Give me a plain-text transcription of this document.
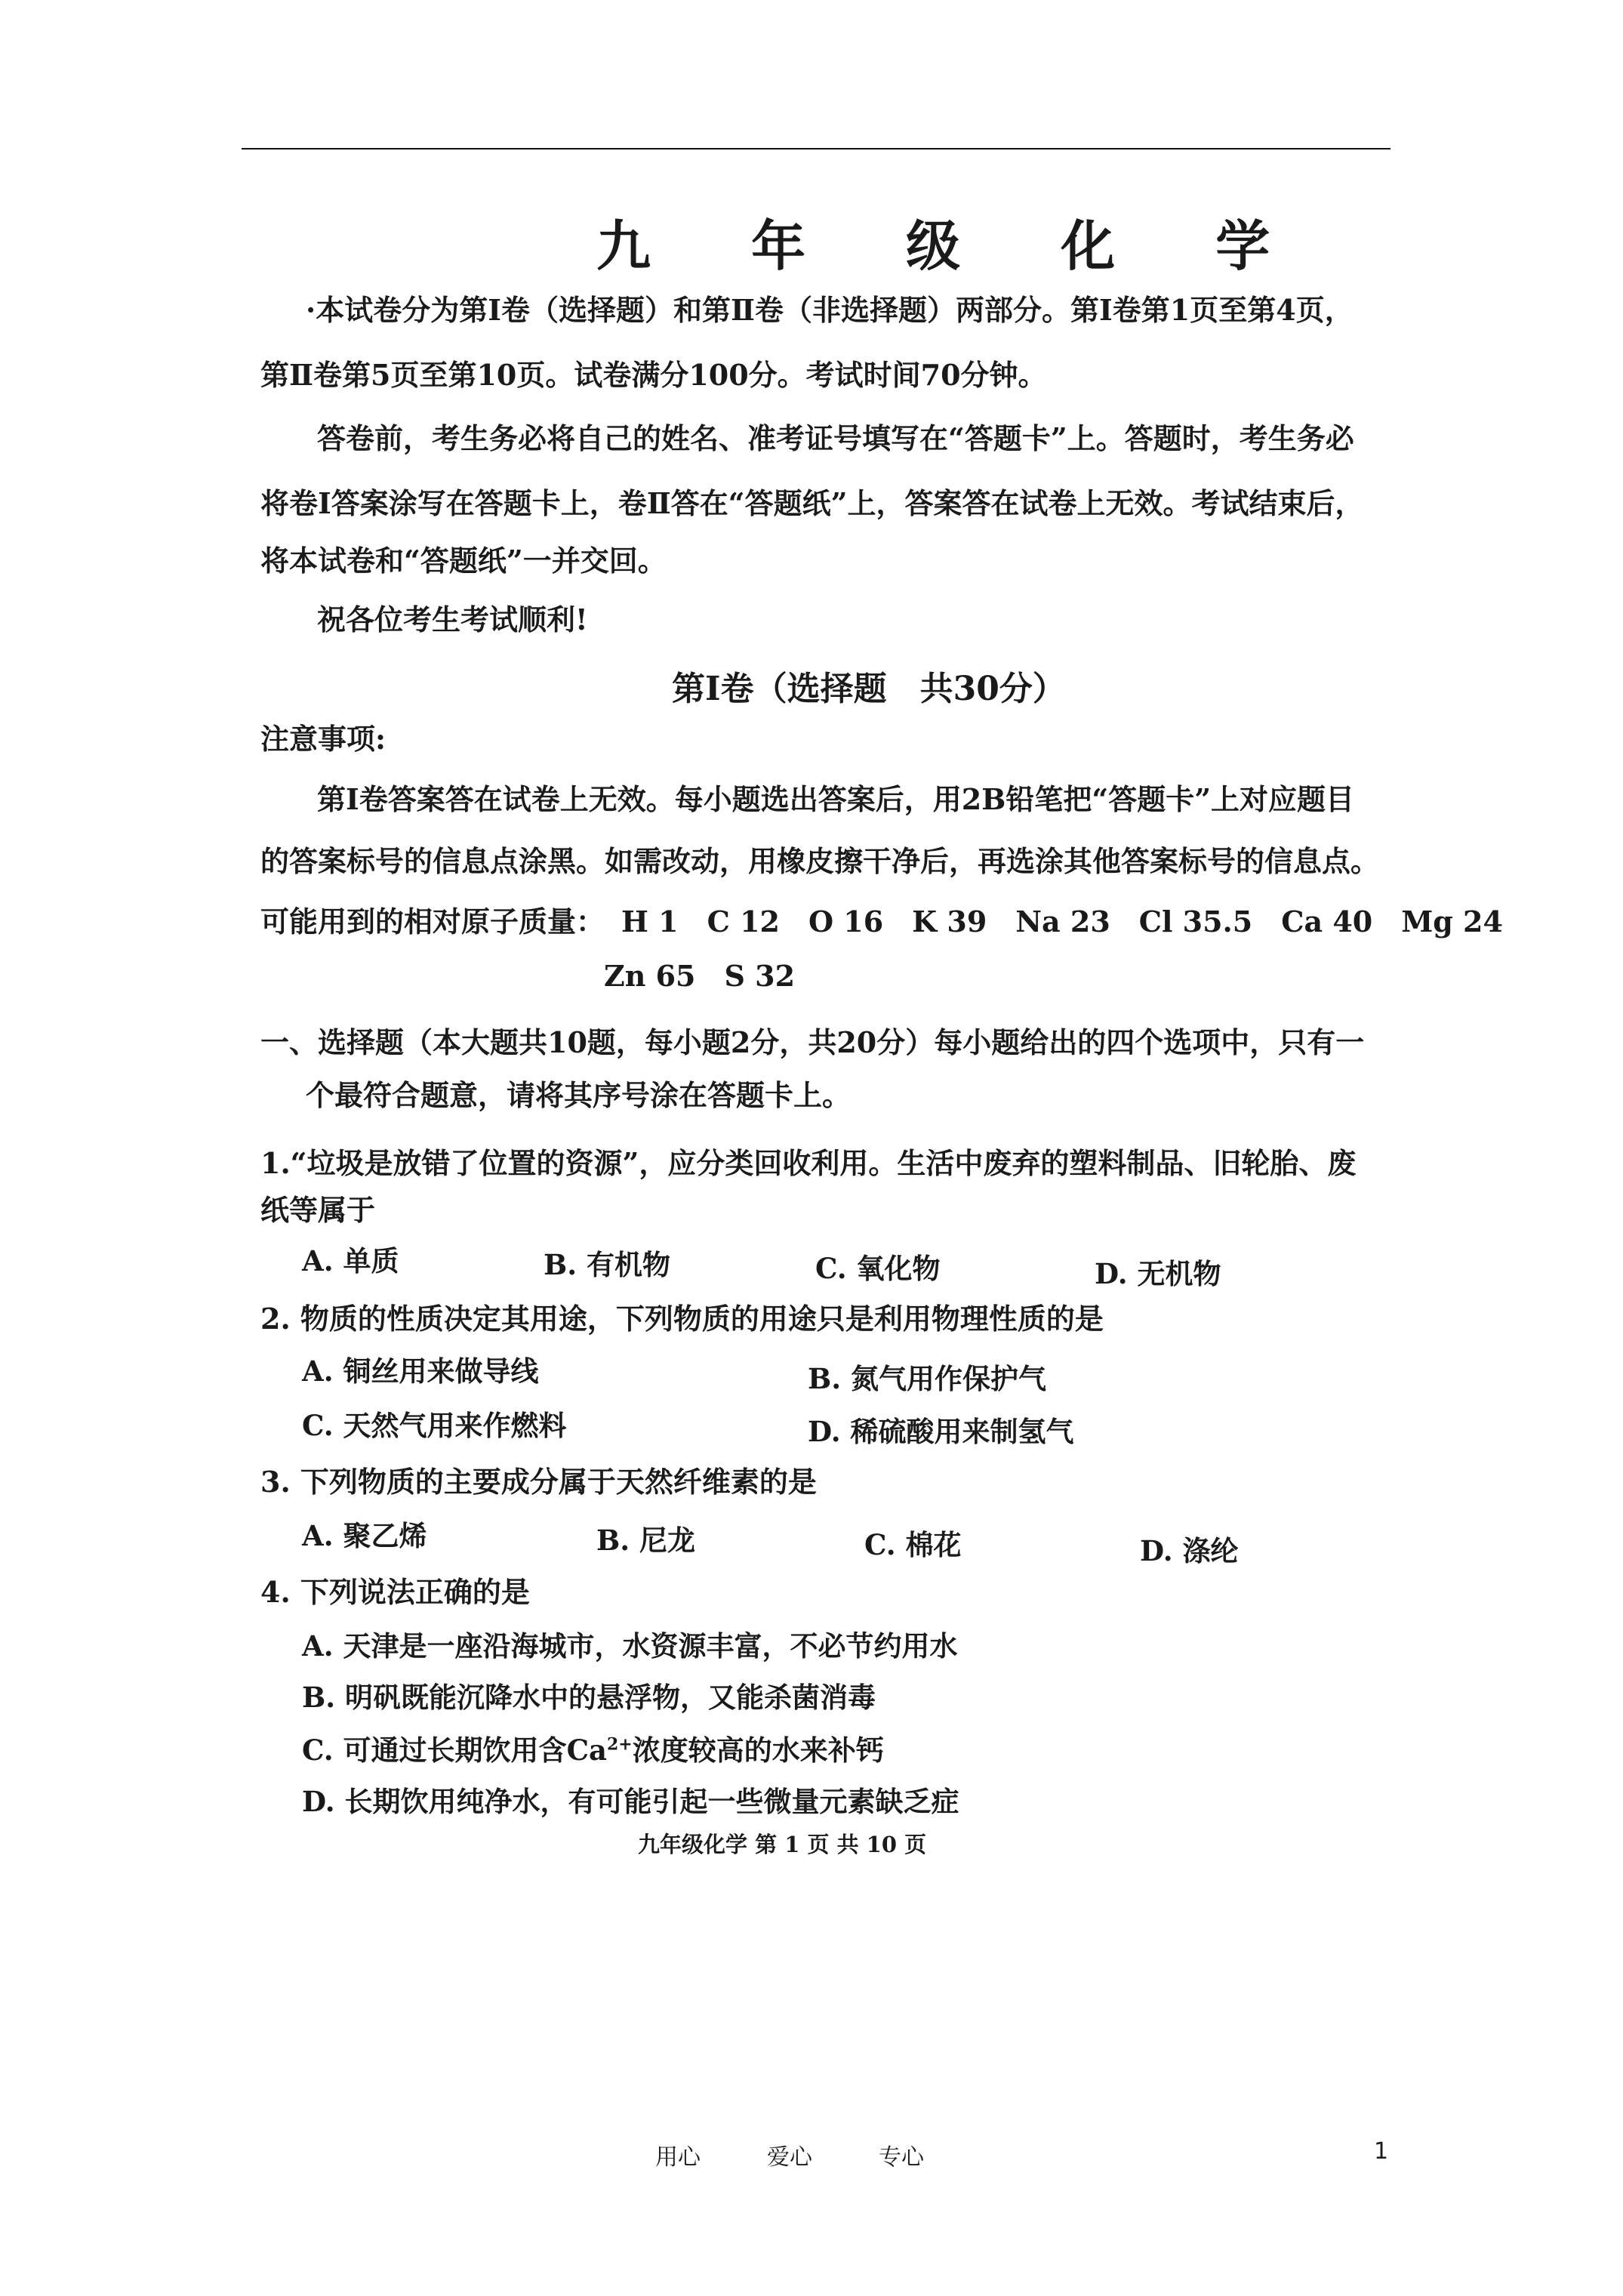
九 年 级 化 学
·本试卷分为第Ⅰ卷（选择题）和第Ⅱ卷（非选择题）两部分。第Ⅰ卷第1页至第4页，
第Ⅱ卷第5页至第10页。试卷满分100分。考试时间70分钟。
答卷前，考生务必将自己的姓名、准考证号填写在“答题卡”上。答题时，考生务必
将卷Ⅰ答案涂写在答题卡上，卷Ⅱ答在“答题纸”上，答案答在试卷上无效。考试结束后，
将本试卷和“答题纸”一并交回。
祝各位考生考试顺利!
第Ⅰ卷（选择题　共30分）
注意事项:
第Ⅰ卷答案答在试卷上无效。每小题选出答案后，用2B铅笔把“答题卡”上对应题目
的答案标号的信息点涂黑。如需改动，用橡皮擦干净后，再选涂其他答案标号的信息点。
可能用到的相对原子质量： H 1　C 12　O 16　K 39　Na 23　Cl 35.5　Ca 40　Mg 24
Zn 65　S 32
一、选择题（本大题共10题，每小题2分，共20分）每小题给出的四个选项中，只有一
个最符合题意，请将其序号涂在答题卡上。
1.“垃圾是放错了位置的资源”，应分类回收利用。生活中废弃的塑料制品、旧轮胎、废
纸等属于
A. 单质	B. 有机物	C. 氧化物	D. 无机物
2. 物质的性质决定其用途，下列物质的用途只是利用物理性质的是
A. 铜丝用来做导线	B. 氮气用作保护气
C. 天然气用来作燃料	D. 稀硫酸用来制氢气
3. 下列物质的主要成分属于天然纤维素的是
A. 聚乙烯	B. 尼龙	C. 棉花	D. 涤纶
4. 下列说法正确的是
A. 天津是一座沿海城市，水资源丰富，不必节约用水
B. 明矾既能沉降水中的悬浮物，又能杀菌消毒
C. 可通过长期饮用含$Ca^{2+}$浓度较高的水来补钙
D. 长期饮用纯净水，有可能引起一些微量元素缺乏症
九年级化学 第 1 页 共 10 页
用心	爱心	专心	1
